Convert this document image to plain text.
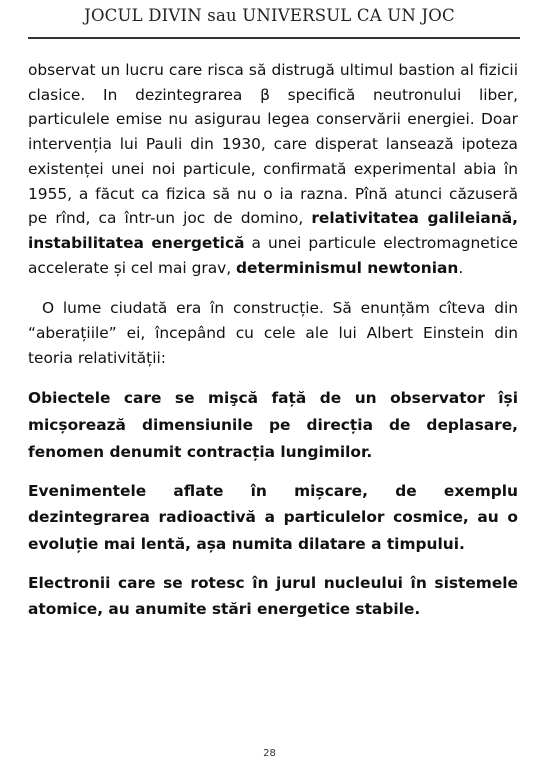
JOCUL DIVIN sau UNIVERSUL CA UN JOC

observat un lucru care risca să distrugă ultimul bastion al fizicii clasice. In dezintegrarea β specifică neutronului liber, particulele emise nu asigurau legea conservării energiei. Doar intervenția lui Pauli din 1930, care disperat lansează ipoteza existenței unei noi particule, confirmată experimental abia în 1955, a făcut ca fizica să nu o ia razna. Pînă atunci căzuseră pe rînd, ca într-un joc de domino, relativitatea galileiană, instabilitatea energetică a unei particule electromagnetice accelerate și cel mai grav, determinismul newtonian.

O lume ciudată era în construcție. Să enunțăm cîteva din “aberațiile” ei, începând cu cele ale lui Albert Einstein din teoria relativității:

Obiectele care se mişcă față de un observator își micșorează dimensiunile pe direcția de deplasare, fenomen denumit contracția lungimilor.

Evenimentele aflate în mișcare, de exemplu dezintegrarea radioactivă a particulelor cosmice, au o evoluție mai lentă, așa numita dilatare a timpului.

Electronii care se rotesc în jurul nucleului în sistemele atomice, au anumite stări energetice stabile.

28
